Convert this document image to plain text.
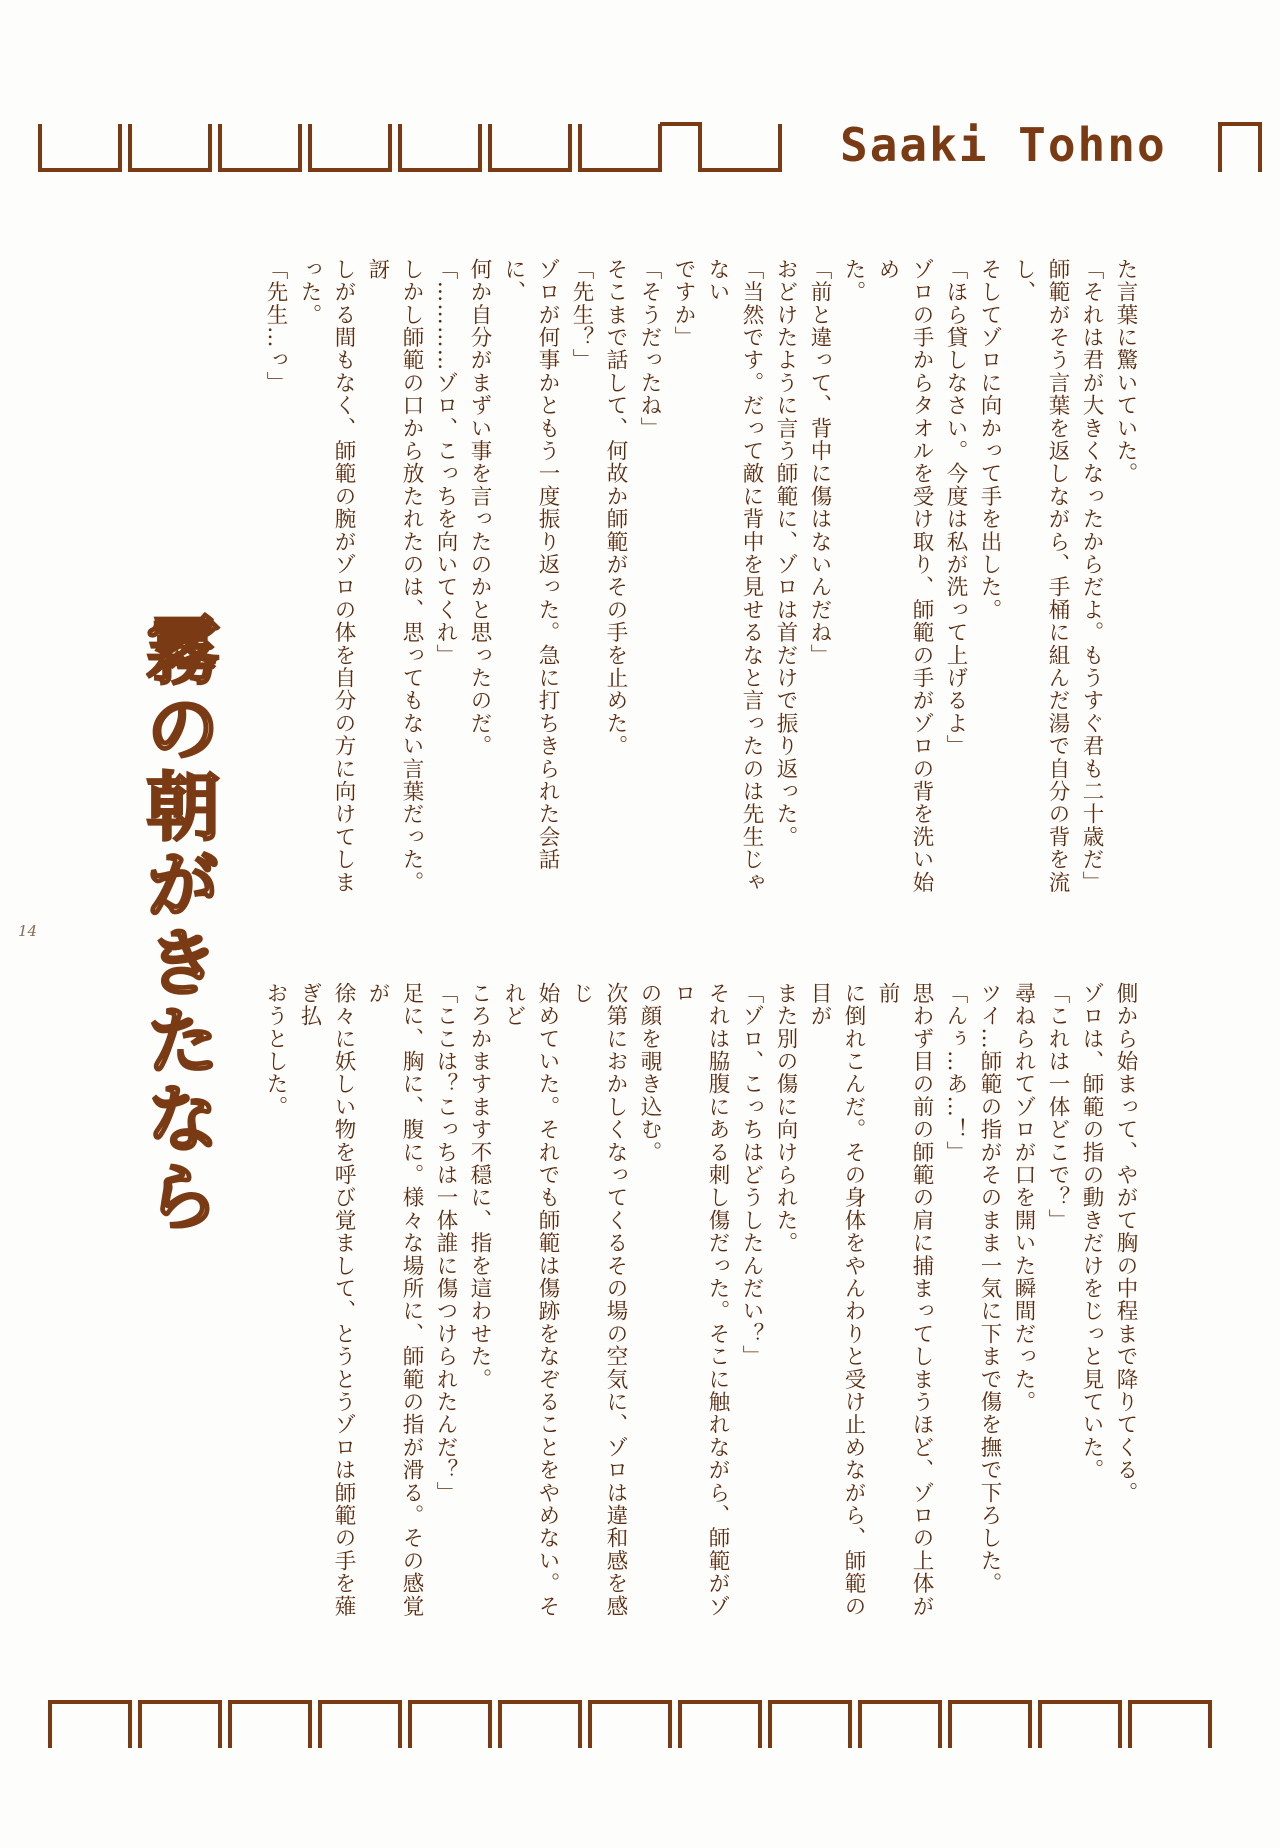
Saaki Tohno
た言葉に驚いていた。
「それは君が大きくなったからだよ。もうすぐ君も二十歳だ」
師範がそう言葉を返しながら、手桶に組んだ湯で自分の背を流し、
そしてゾロに向かって手を出した。
「ほら貸しなさい。今度は私が洗って上げるよ」
ゾロの手からタオルを受け取り、師範の手がゾロの背を洗い始め
た。
「前と違って、背中に傷はないんだね」
おどけたように言う師範に、ゾロは首だけで振り返った。
「当然です。だって敵に背中を見せるなと言ったのは先生じゃない
ですか」
「そうだったね」
そこまで話して、何故か師範がその手を止めた。
「先生？」
ゾロが何事かともう一度振り返った。急に打ちきられた会話に、
何か自分がまずい事を言ったのかと思ったのだ。
「…………ゾロ、こっちを向いてくれ」
しかし師範の口から放たれたのは、思ってもない言葉だった。訝
しがる間もなく、師範の腕がゾロの体を自分の方に向けてしまった。
「先生…っ」

側から始まって、やがて胸の中程まで降りてくる。
ゾロは、師範の指の動きだけをじっと見ていた。
「これは一体どこで？」
尋ねられてゾロが口を開いた瞬間だった。
ツイ…師範の指がそのまま一気に下まで傷を撫で下ろした。
「んぅ…あ…！」
思わず目の前の師範の肩に捕まってしまうほど、ゾロの上体が前
に倒れこんだ。その身体をやんわりと受け止めながら、師範の目が
また別の傷に向けられた。
「ゾロ、こっちはどうしたんだい？」
それは脇腹にある刺し傷だった。そこに触れながら、師範がゾロ
の顔を覗き込む。
次第におかしくなってくるその場の空気に、ゾロは違和感を感じ
始めていた。それでも師範は傷跡をなぞることをやめない。それど
ころかますます不穏に、指を這わせた。
「ここは？こっちは一体誰に傷つけられたんだ？」
足に、胸に、腹に。様々な場所に、師範の指が滑る。その感覚が
徐々に妖しい物を呼び覚まして、とうとうゾロは師範の手を薙ぎ払
おうとした。

霧の朝がきたなら
14
